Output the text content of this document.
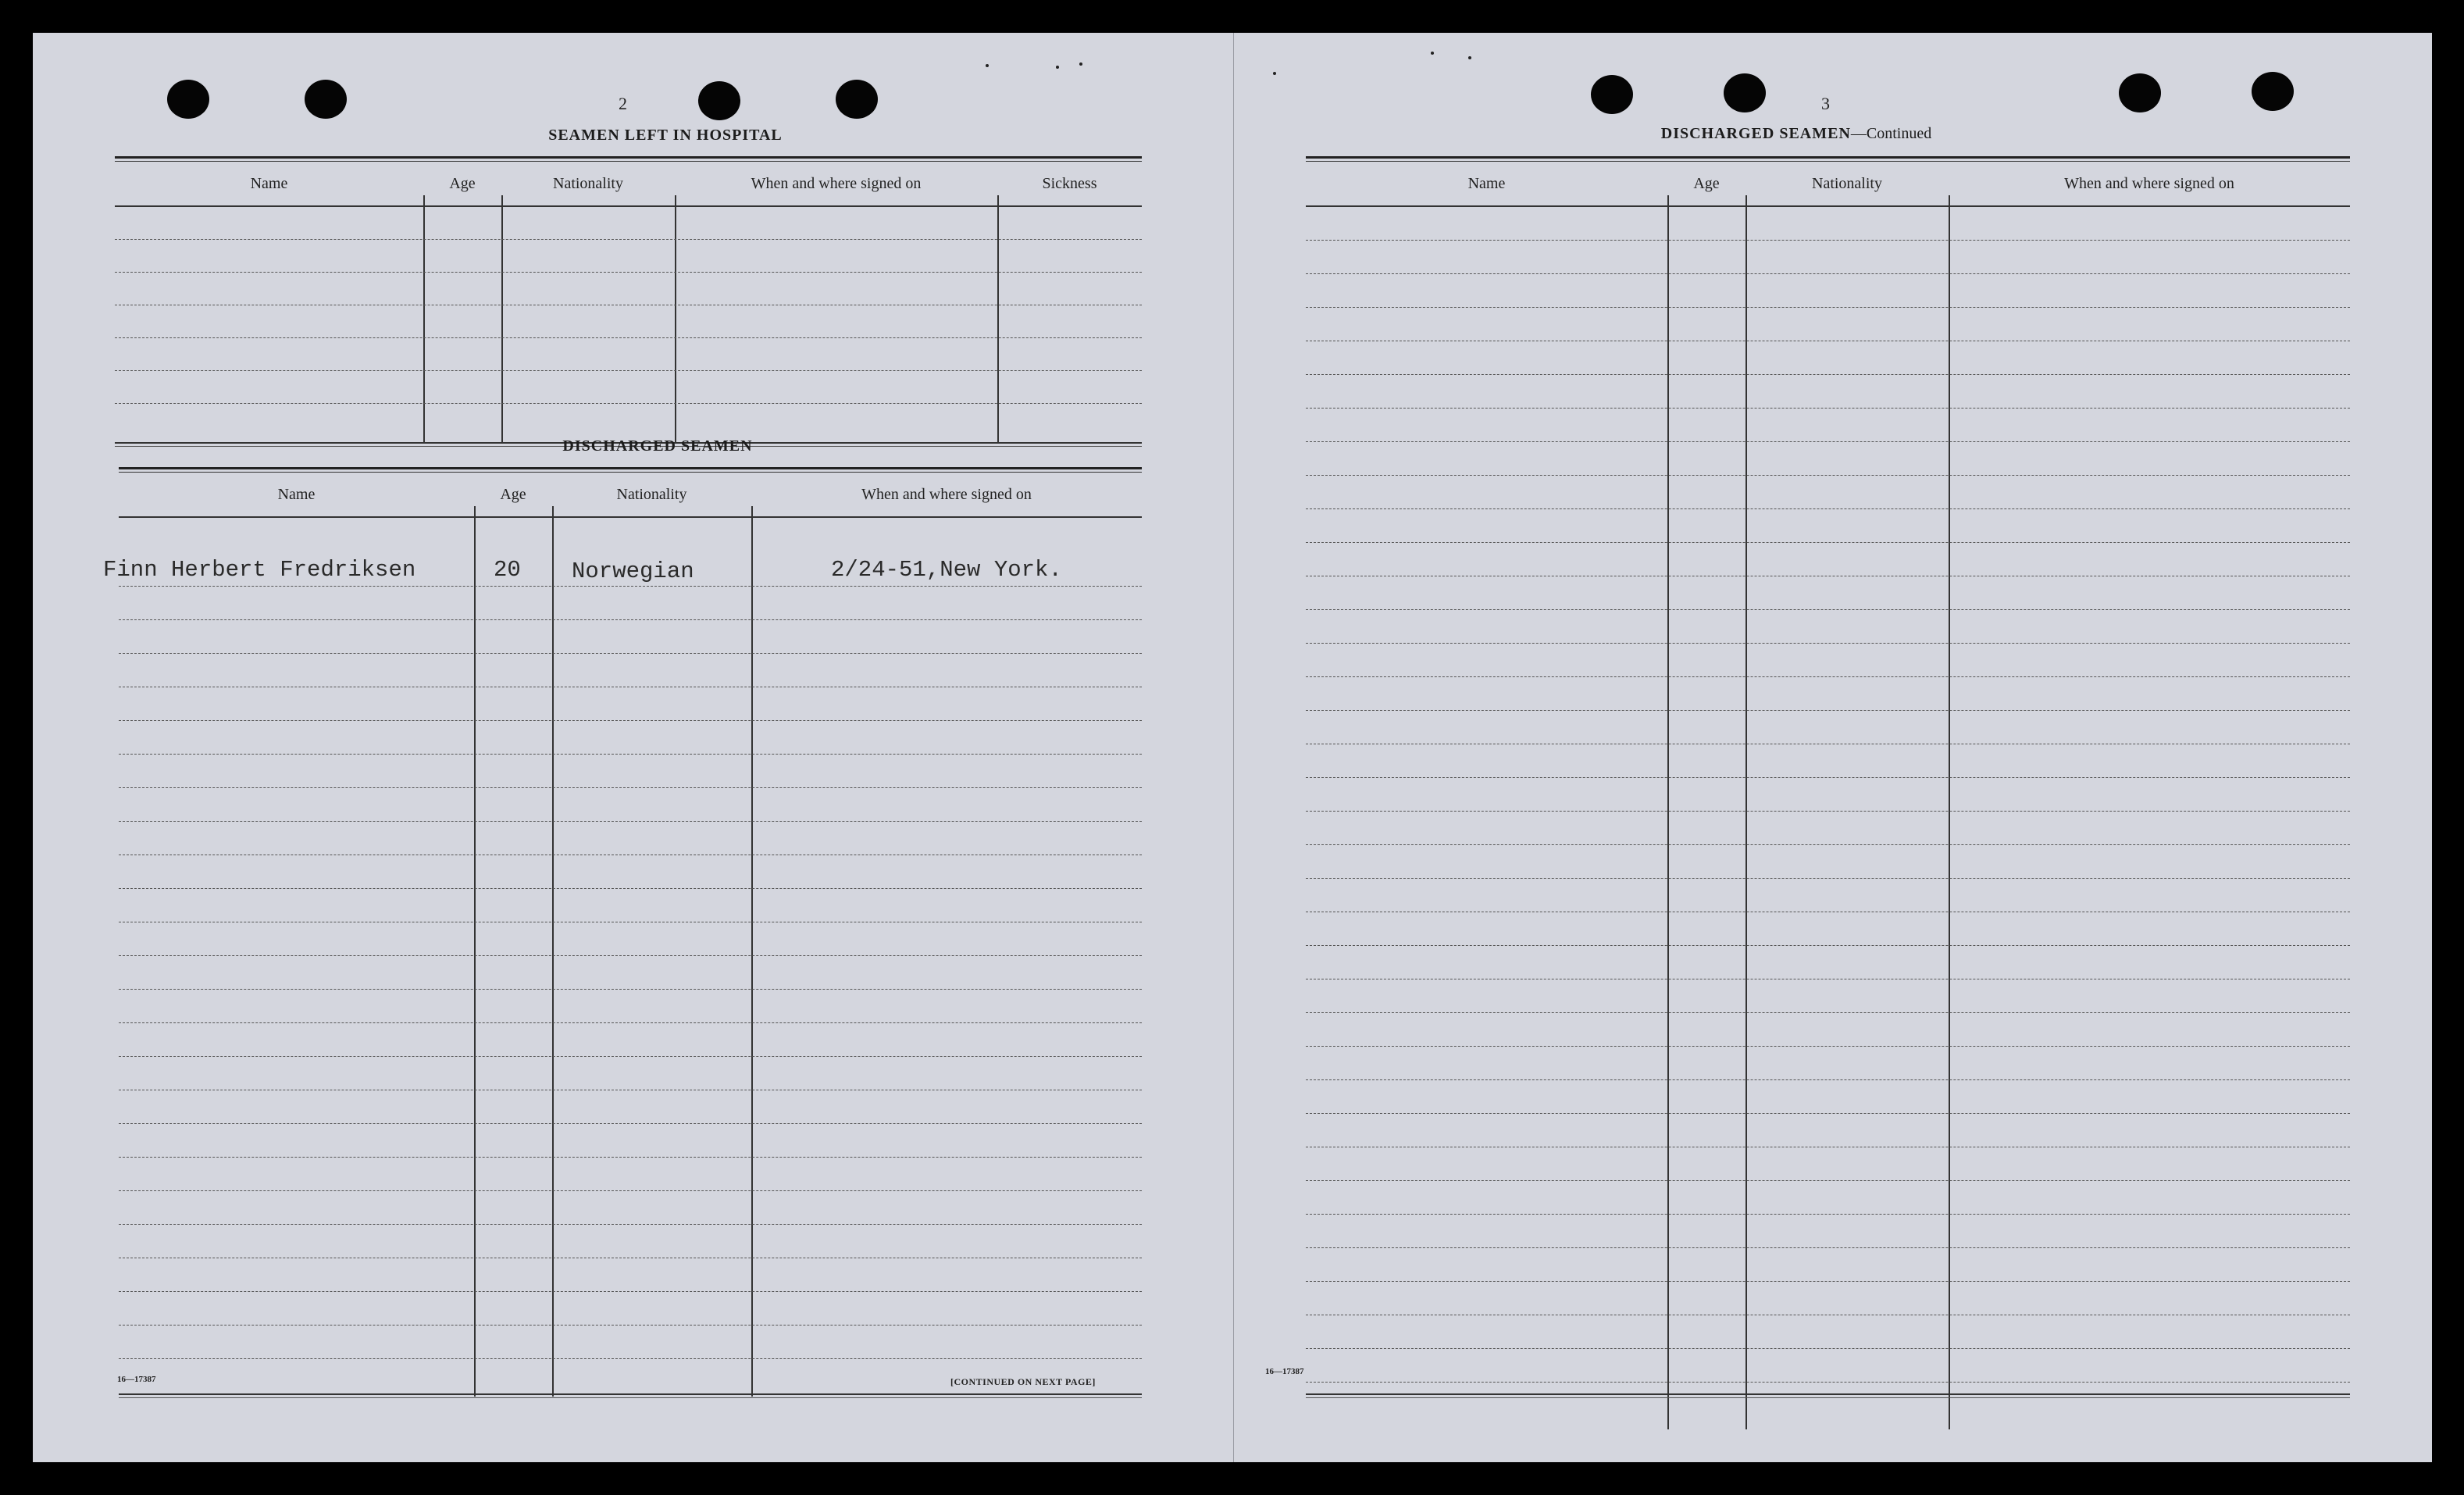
2
SEAMEN LEFT IN HOSPITAL
Name	Age	Nationality	When and where signed on	Sickness
DISCHARGED SEAMEN
Name	Age	Nationality	When and where signed on
Finn Herbert Fredriksen	20 Norwegian	2/24-51,New York.
16—17387	[CONTINUED ON NEXT PAGE]
3
DISCHARGED SEAMEN—Continued
Name	Age	Nationality	When and where signed on
16—17387
